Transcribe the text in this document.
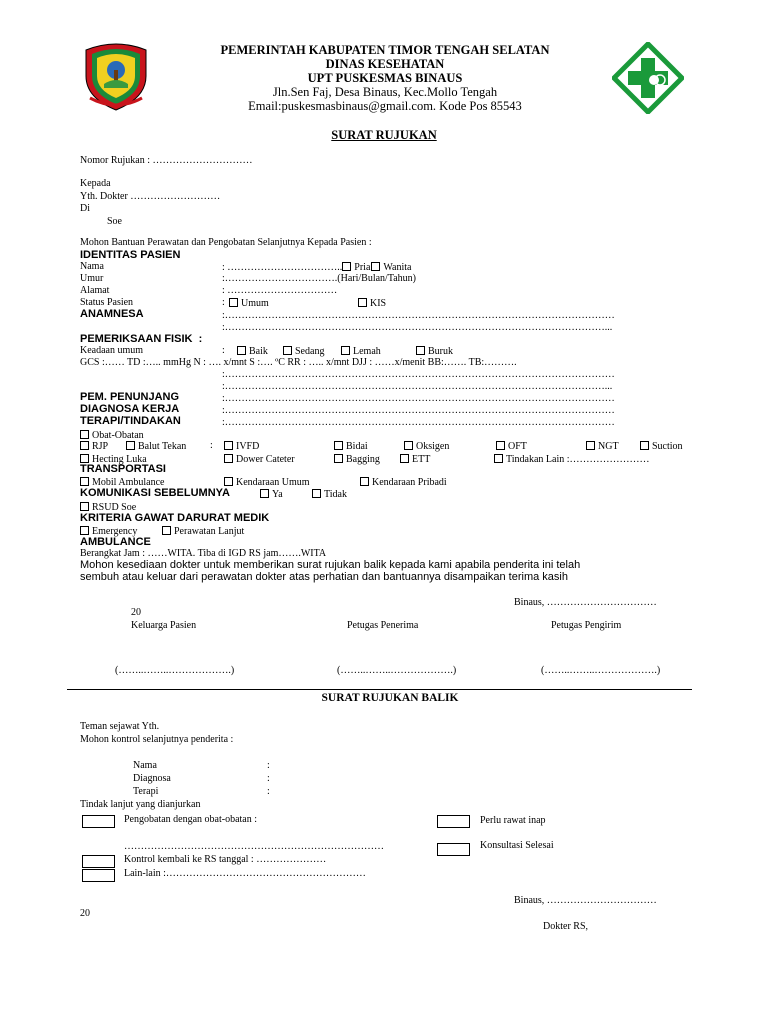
PEMERINTAH KABUPATEN TIMOR TENGAH SELATAN
DINAS KESEHATAN
UPT PUSKESMAS BINAUS
Jln.Sen Faj, Desa Binaus, Kec.Mollo Tengah
Email:puskesmasbinaus@gmail.com. Kode Pos 85543
SURAT RUJUKAN
Nomor Rujukan : …………………………
Kepada
Yth. Dokter ………………………
Di
Soe
Mohon Bantuan Perawatan dan Pengobatan Selanjutnya Kepada Pasien :
IDENTITAS PASIEN
Nama	: …………………………….. Pria Wanita
Umur	:…………………………….(Hari/Bulan/Tahun)
Alamat	: ……………………………
Status Pasien	:	Umum	KIS
ANAMNESA	:………………………………………………………………………………………………………
:……………………………………………………………………………………………………...
PEMERIKSAAN FISIK :
Keadaan umum	:	Baik	Sedang	Lemah	Buruk
GCS :…… TD :….. mmHg N : …. x/mnt S :…. ºC RR : ….. x/mnt DJJ : ……x/menit BB:……. TB:……….
:………………………………………………………………………………………………………
:……………………………………………………………………………………………………...
PEM. PENUNJANG	:………………………………………………………………………………………………………
DIAGNOSA KERJA	:………………………………………………………………………………………………………
TERAPI/TINDAKAN	:………………………………………………………………………………………………………
Obat-Obatan
RJP	Balut Tekan :	IVFD	Bidai	Oksigen	OFT	NGT	Suction
Hecting Luka	Dower Cateter	Bagging	ETT	Tindakan Lain :……………………
TRANSPORTASI
Mobil Ambulance	Kendaraan Umum	Kendaraan Pribadi
KOMUNIKASI SEBELUMNYA	Ya	Tidak
RSUD Soe
KRITERIA GAWAT DARURAT MEDIK
Emergency	Perawatan Lanjut
AMBULANCE
Berangkat Jam : ……WITA. Tiba di IGD RS jam…….WITA
Mohon kesediaan dokter untuk memberikan surat rujukan balik kepada kami apabila penderita ini telah
sembuh atau keluar dari perawatan dokter atas perhatian dan bantuannya disampaikan terima kasih
Binaus, ……………………………
20
Keluarga Pasien	Petugas Penerima	Petugas Pengirim
(……..……..……………….)	(……..……..……………….)	(……..……..……………….)
SURAT RUJUKAN BALIK
Teman sejawat Yth.
Mohon kontrol selanjutnya penderita :
Nama	:
Diagnosa	:
Terapi	:
Tindak lanjut yang dianjurkan
Pengobatan dengan obat-obatan :	Perlu rawat inap
……………………………………………………………………	Konsultasi Selesai
Kontrol kembali ke RS tanggal : …………………
Lain-lain :……………………………………………………
Binaus, ……………………………
20
Dokter RS,
